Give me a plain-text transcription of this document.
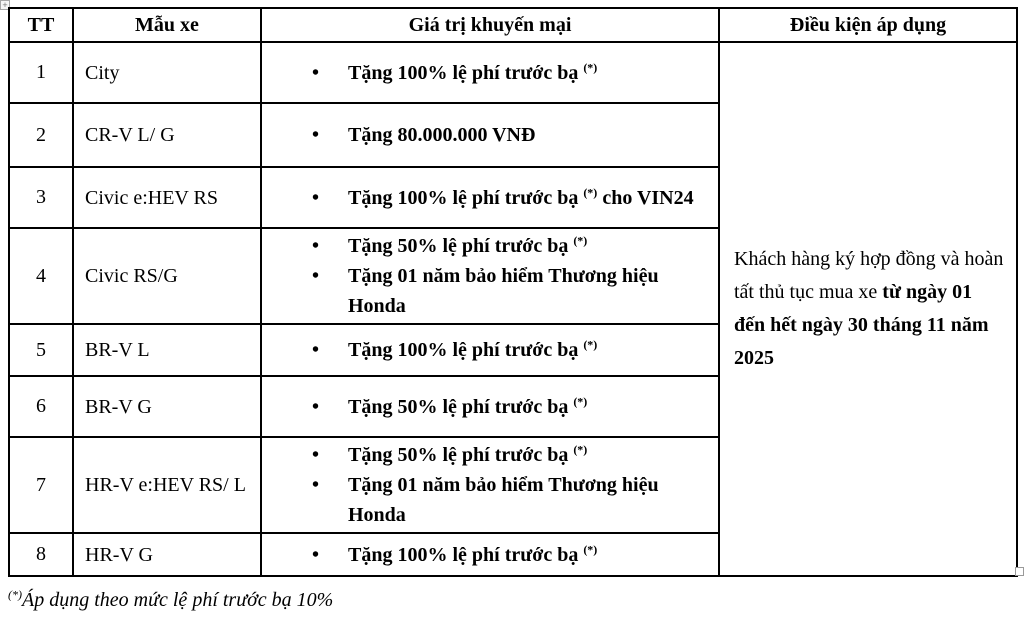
+
TT	Mẫu xe	Giá trị khuyến mại	Điều kiện áp dụng
1	City	• Tặng 100% lệ phí trước bạ (*)	Khách hàng ký hợp đồng và hoàn tất thủ tục mua xe từ ngày 01 đến hết ngày 30 tháng 11 năm 2025
2	CR-V L/ G	• Tặng 80.000.000 VNĐ	

3	Civic e:HEV RS	• Tặng 100% lệ phí trước bạ (*) cho VIN24	

4	Civic RS/G	• Tặng 50% lệ phí trước bạ (*)
• Tặng 01 năm bảo hiểm Thương hiệu Honda	

5	BR-V L	• Tặng 100% lệ phí trước bạ (*)

6	BR-V G	• Tặng 50% lệ phí trước bạ (*)

7	HR-V e:HEV RS/ L	• Tặng 50% lệ phí trước bạ (*)
• Tặng 01 năm bảo hiểm Thương hiệu Honda	

8	HR-V G	• Tặng 100% lệ phí trước bạ (*)
(*)Áp dụng theo mức lệ phí trước bạ 10%
